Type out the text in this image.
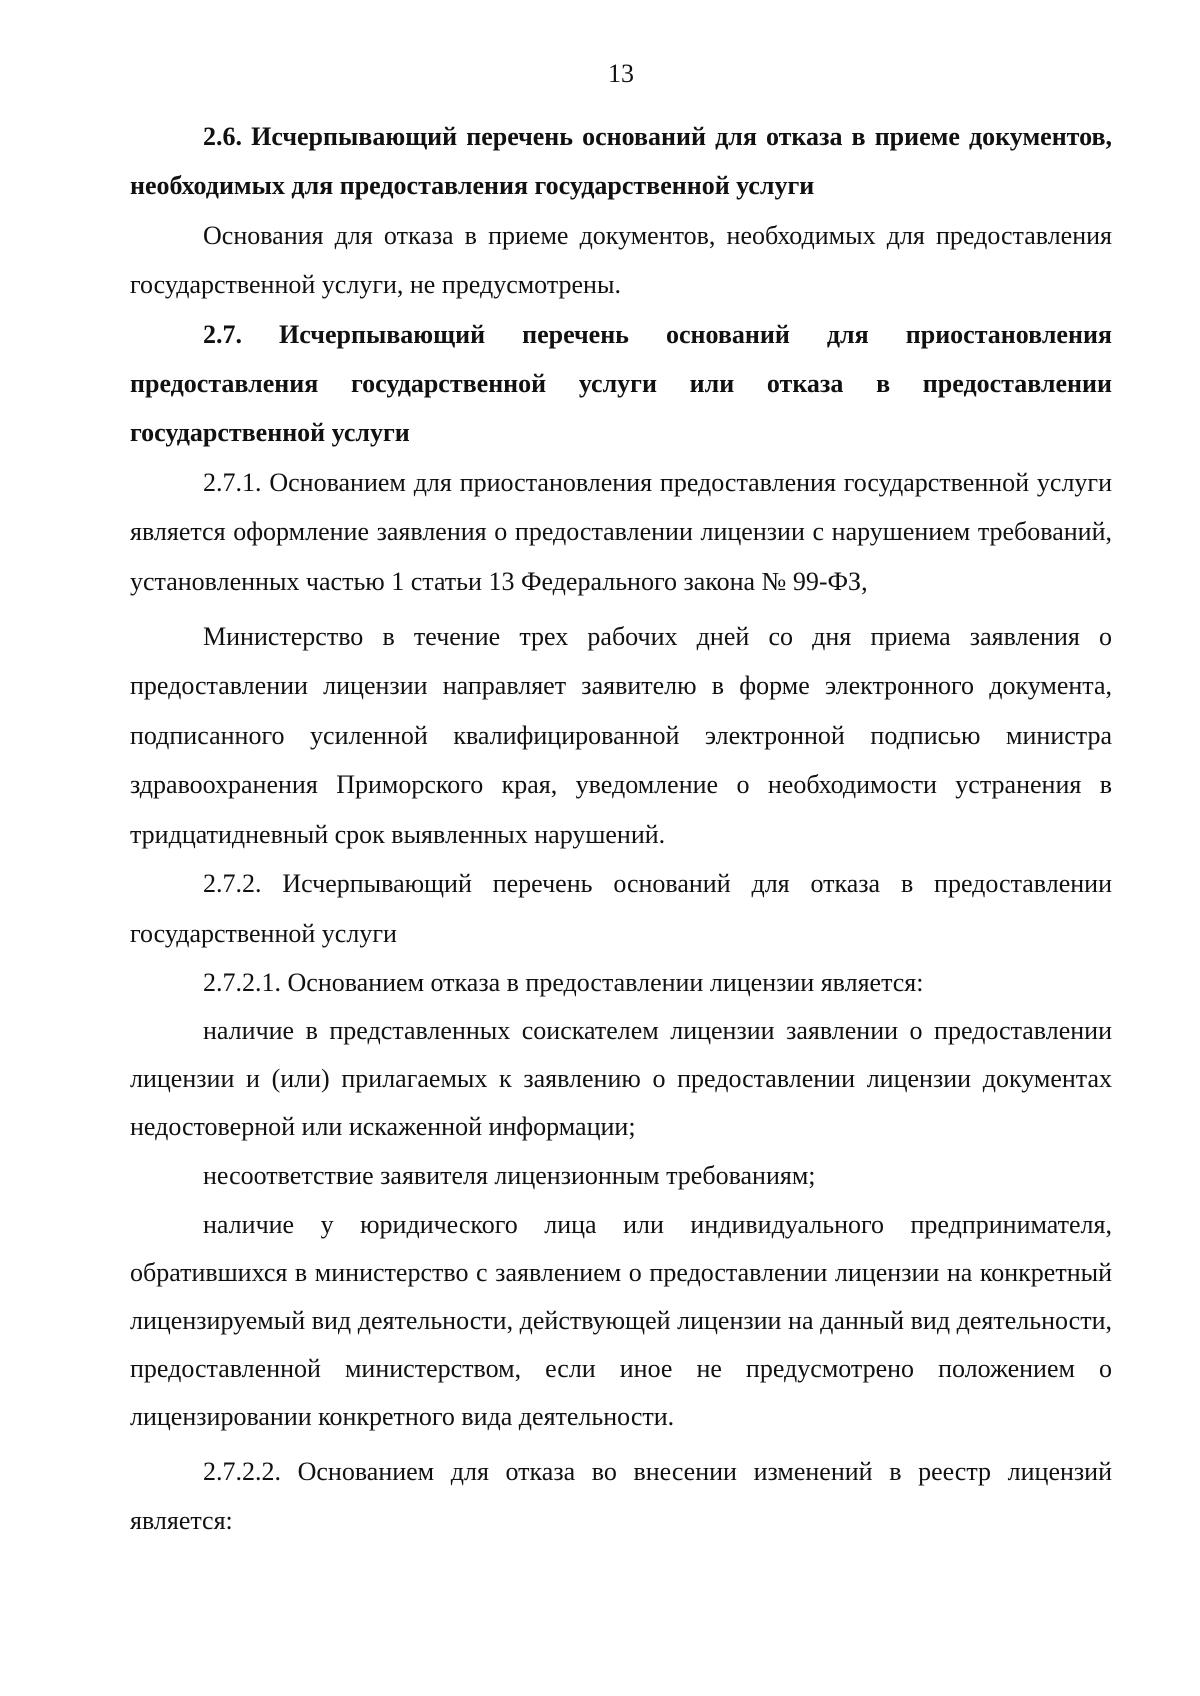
13

2.6. Исчерпывающий перечень оснований для отказа в приеме документов, необходимых для предоставления государственной услуги

Основания для отказа в приеме документов, необходимых для предоставления государственной услуги, не предусмотрены.

2.7. Исчерпывающий перечень оснований для приостановления предоставления государственной услуги или отказа в предоставлении государственной услуги

2.7.1. Основанием для приостановления предоставления государственной услуги является оформление заявления о предоставлении лицензии с нарушением требований, установленных частью 1 статьи 13 Федерального закона № 99-ФЗ,

Министерство в течение трех рабочих дней со дня приема заявления о предоставлении лицензии направляет заявителю в форме электронного документа, подписанного усиленной квалифицированной электронной подписью министра здравоохранения Приморского края, уведомление о необходимости устранения в тридцатидневный срок выявленных нарушений.

2.7.2. Исчерпывающий перечень оснований для отказа в предоставлении государственной услуги

2.7.2.1. Основанием отказа в предоставлении лицензии является:

наличие в представленных соискателем лицензии заявлении о предоставлении лицензии и (или) прилагаемых к заявлению о предоставлении лицензии документах недостоверной или искаженной информации;

несоответствие заявителя лицензионным требованиям;

наличие у юридического лица или индивидуального предпринимателя, обратившихся в министерство с заявлением о предоставлении лицензии на конкретный лицензируемый вид деятельности, действующей лицензии на данный вид деятельности, предоставленной министерством, если иное не предусмотрено положением о лицензировании конкретного вида деятельности.

2.7.2.2. Основанием для отказа во внесении изменений в реестр лицензий является:
